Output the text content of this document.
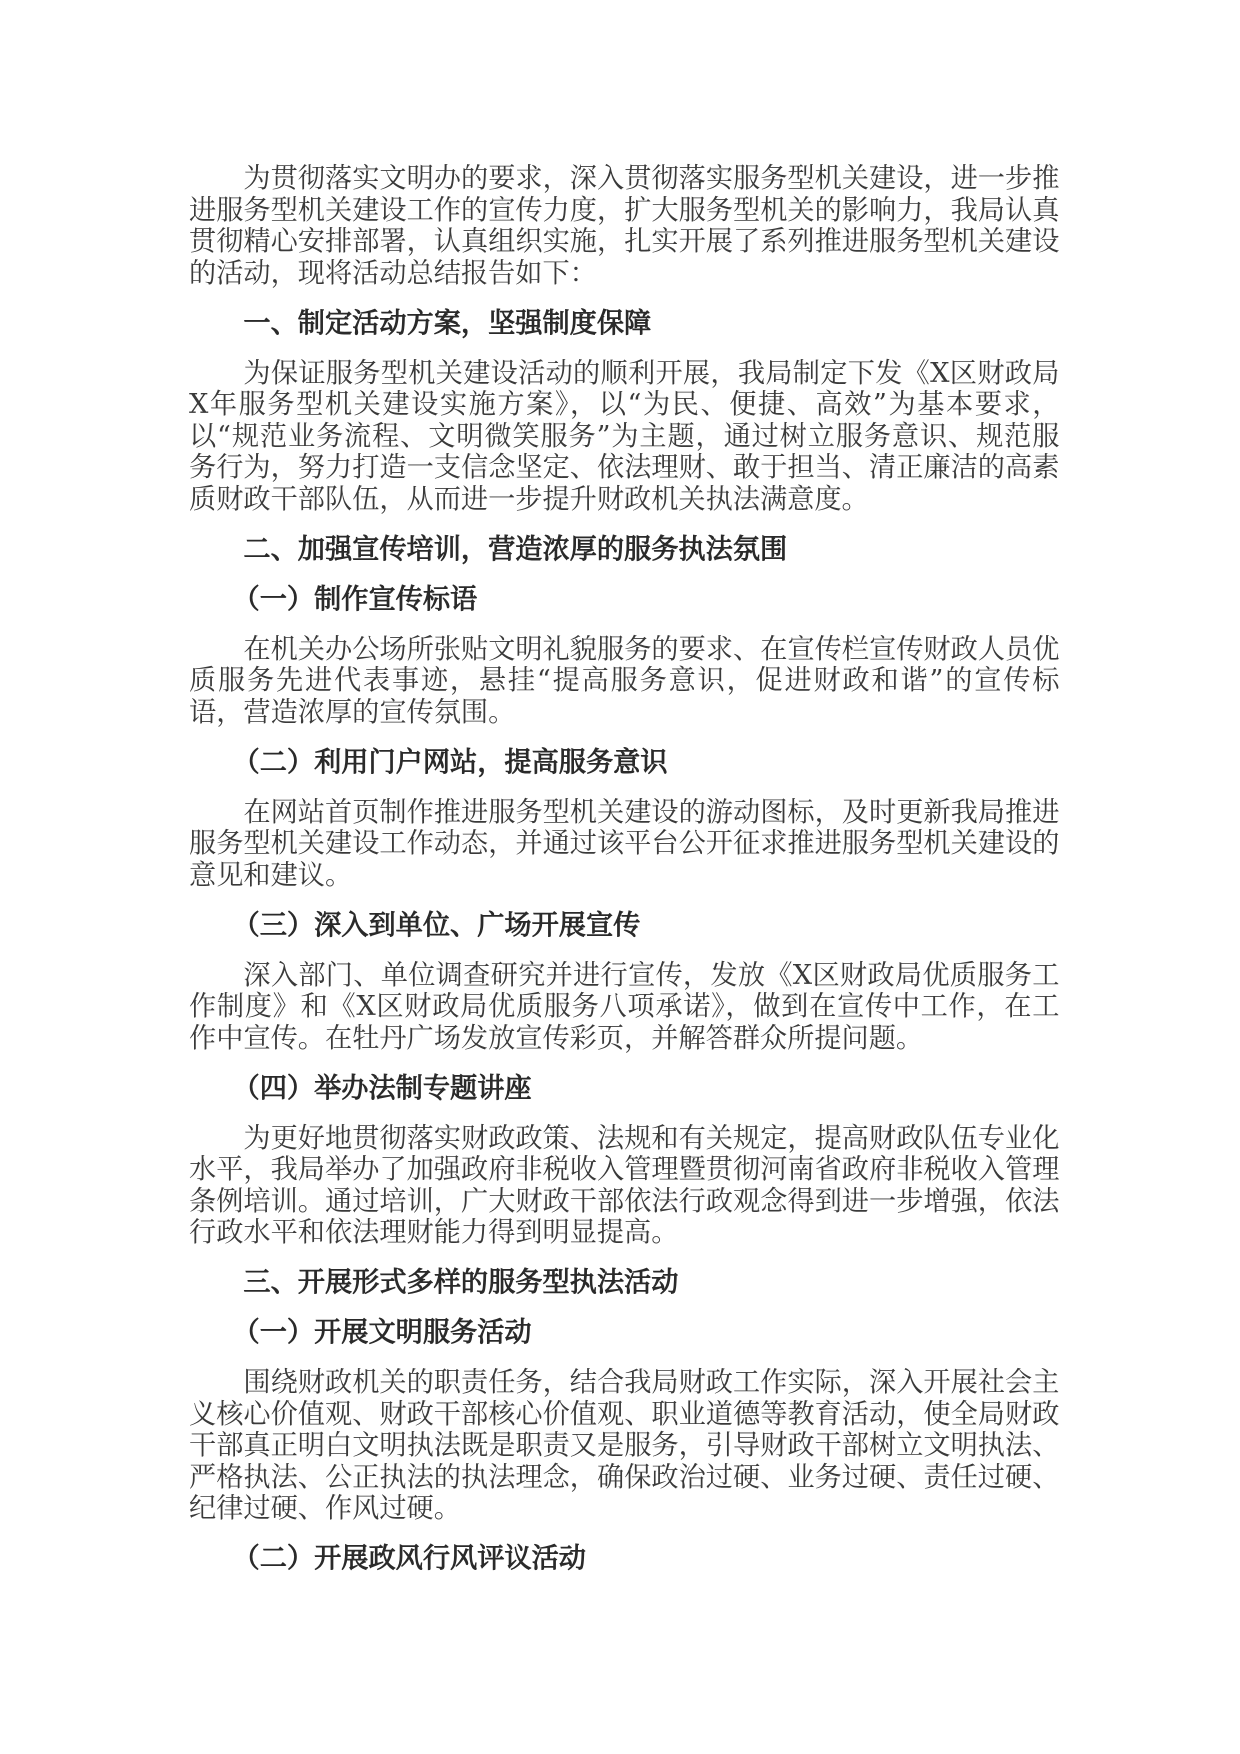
为贯彻落实文明办的要求，深入贯彻落实服务型机关建设，进一步推进服务型机关建设工作的宣传力度，扩大服务型机关的影响力，我局认真贯彻精心安排部署，认真组织实施，扎实开展了系列推进服务型机关建设的活动，现将活动总结报告如下：

一、制定活动方案，坚强制度保障

为保证服务型机关建设活动的顺利开展，我局制定下发《X区财政局X年服务型机关建设实施方案》，以“为民、便捷、高效”为基本要求，以“规范业务流程、文明微笑服务”为主题，通过树立服务意识、规范服务行为，努力打造一支信念坚定、依法理财、敢于担当、清正廉洁的高素质财政干部队伍，从而进一步提升财政机关执法满意度。

二、加强宣传培训，营造浓厚的服务执法氛围

（一）制作宣传标语

在机关办公场所张贴文明礼貌服务的要求、在宣传栏宣传财政人员优质服务先进代表事迹，悬挂“提高服务意识，促进财政和谐”的宣传标语，营造浓厚的宣传氛围。

（二）利用门户网站，提高服务意识

在网站首页制作推进服务型机关建设的游动图标，及时更新我局推进服务型机关建设工作动态，并通过该平台公开征求推进服务型机关建设的意见和建议。

（三）深入到单位、广场开展宣传

深入部门、单位调查研究并进行宣传，发放《X区财政局优质服务工作制度》和《X区财政局优质服务八项承诺》，做到在宣传中工作，在工作中宣传。在牡丹广场发放宣传彩页，并解答群众所提问题。

（四）举办法制专题讲座

为更好地贯彻落实财政政策、法规和有关规定，提高财政队伍专业化水平，我局举办了加强政府非税收入管理暨贯彻河南省政府非税收入管理条例培训。通过培训，广大财政干部依法行政观念得到进一步增强，依法行政水平和依法理财能力得到明显提高。

三、开展形式多样的服务型执法活动

（一）开展文明服务活动

围绕财政机关的职责任务，结合我局财政工作实际，深入开展社会主义核心价值观、财政干部核心价值观、职业道德等教育活动，使全局财政干部真正明白文明执法既是职责又是服务，引导财政干部树立文明执法、严格执法、公正执法的执法理念，确保政治过硬、业务过硬、责任过硬、纪律过硬、作风过硬。

（二）开展政风行风评议活动
